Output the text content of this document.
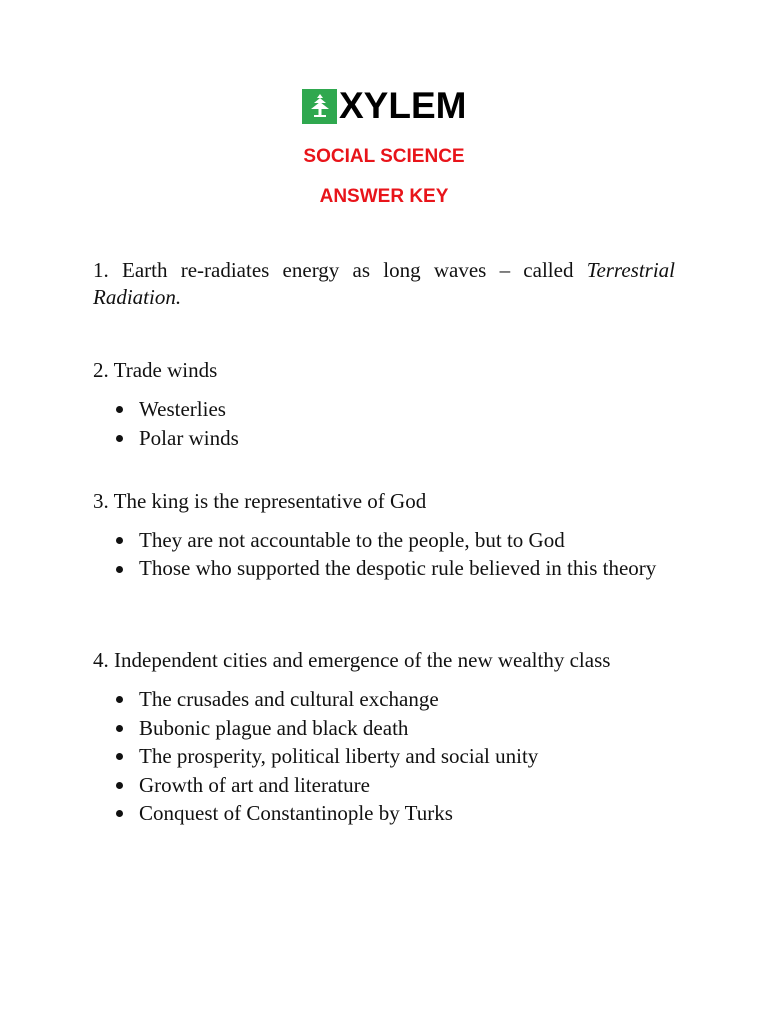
XYLEM
SOCIAL SCIENCE
ANSWER KEY
1. Earth re-radiates energy as long waves – called Terrestrial Radiation.
2. Trade winds
Westerlies
Polar winds
3. The king is the representative of God
They are not accountable to the people, but to God
Those who supported the despotic rule believed in this theory
4. Independent cities and emergence of the new wealthy class
The crusades and cultural exchange
Bubonic plague and black death
The prosperity, political liberty and social unity
Growth of art and literature
Conquest of Constantinople by Turks
